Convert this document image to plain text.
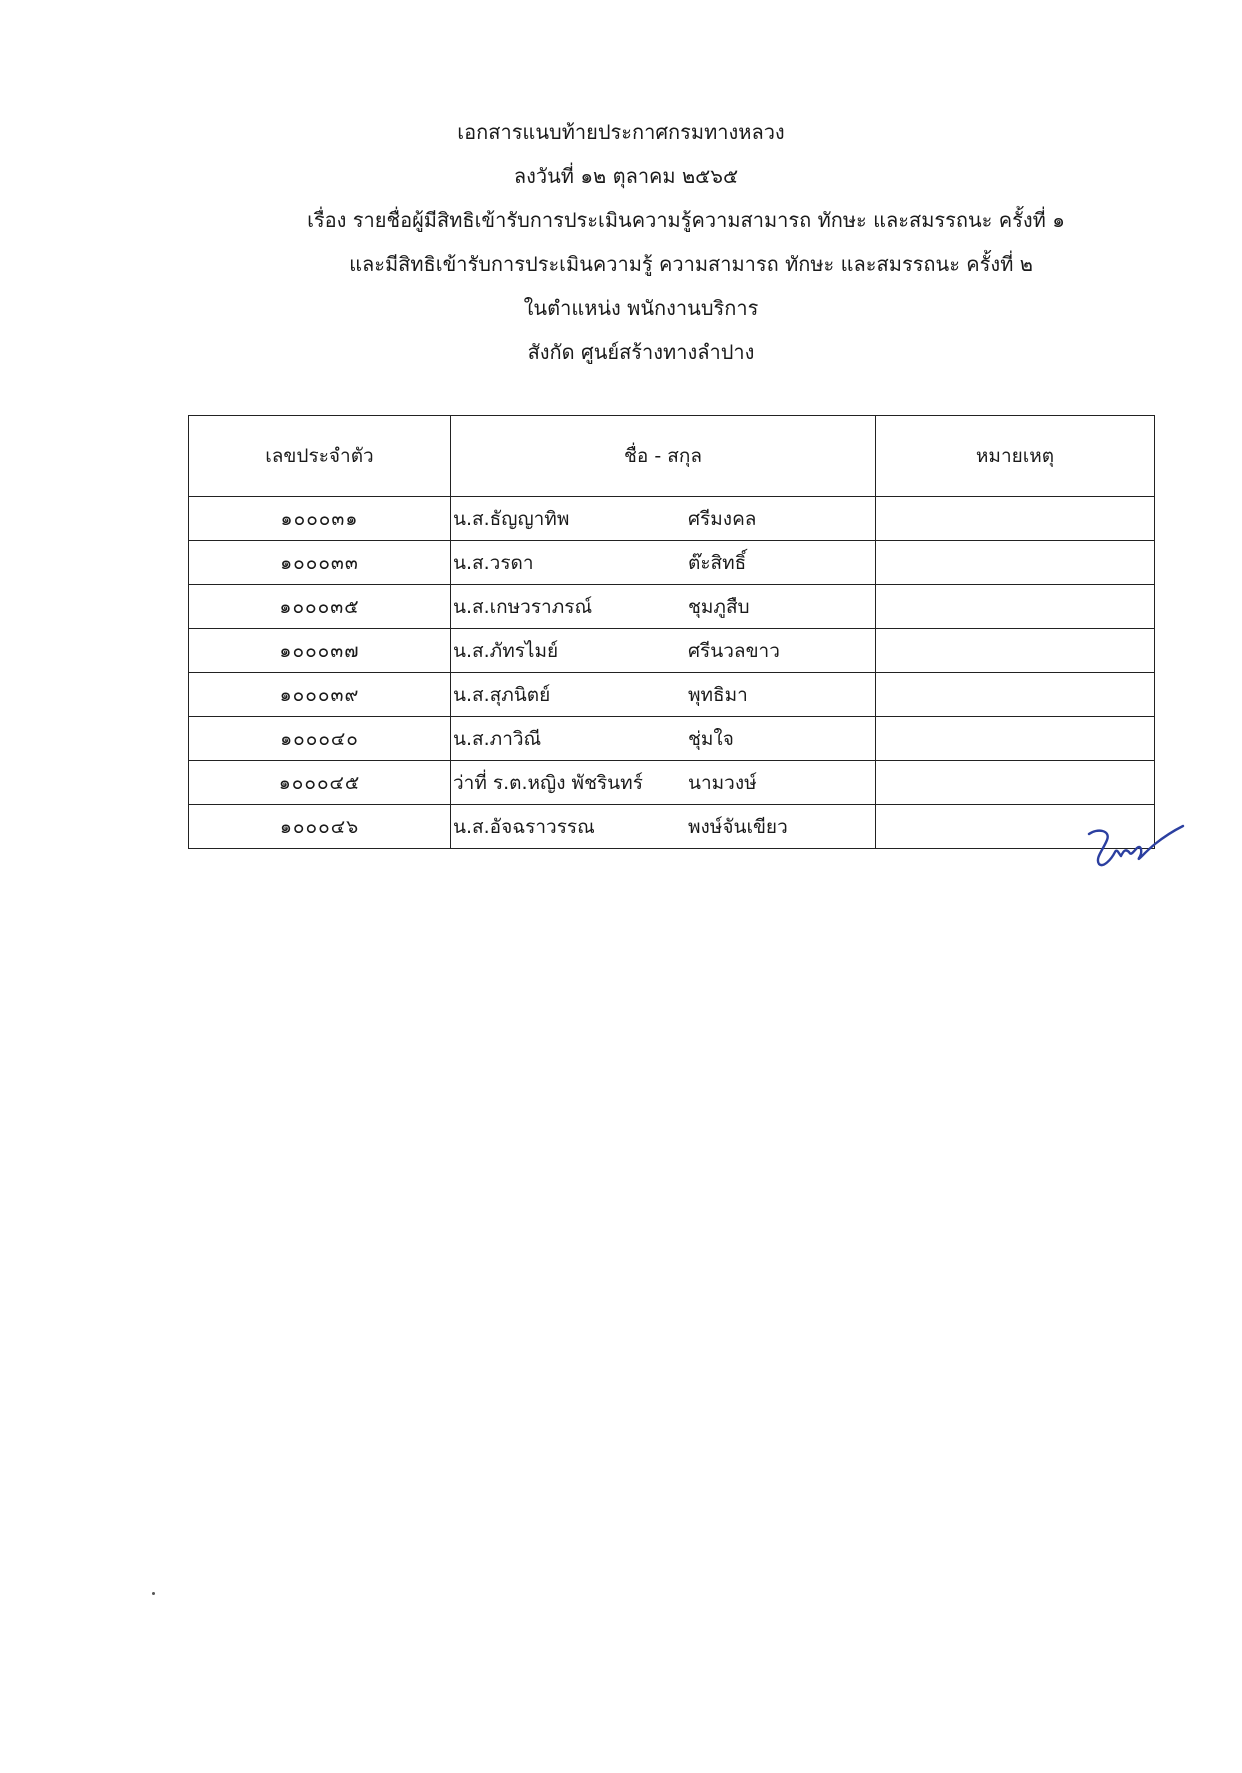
เอกสารแนบท้ายประกาศกรมทางหลวง
ลงวันที่ ๑๒ ตุลาคม ๒๕๖๕
เรื่อง รายชื่อผู้มีสิทธิเข้ารับการประเมินความรู้ความสามารถ ทักษะ และสมรรถนะ ครั้งที่ ๑
และมีสิทธิเข้ารับการประเมินความรู้ ความสามารถ ทักษะ และสมรรถนะ ครั้งที่ ๒
ในตำแหน่ง พนักงานบริการ
สังกัด ศูนย์สร้างทางลำปาง
เลขประจำตัว	ชื่อ - สกุล	หมายเหตุ
๑๐๐๐๓๑	น.ส.ธัญญาทิพ ศรีมงคล	

๑๐๐๐๓๓	น.ส.วรดา ต๊ะสิทธิ์	

๑๐๐๐๓๕	น.ส.เกษวราภรณ์ ชุมภูสืบ	

๑๐๐๐๓๗	น.ส.ภัทรไมย์ ศรีนวลขาว	

๑๐๐๐๓๙	น.ส.สุภนิตย์ พุทธิมา	

๑๐๐๐๔๐	น.ส.ภาวิณี ชุ่มใจ	

๑๐๐๐๔๕	ว่าที่ ร.ต.หญิง พัชรินทร์ นามวงษ์	

๑๐๐๐๔๖	น.ส.อัจฉราวรรณ พงษ์จันเขียว	
